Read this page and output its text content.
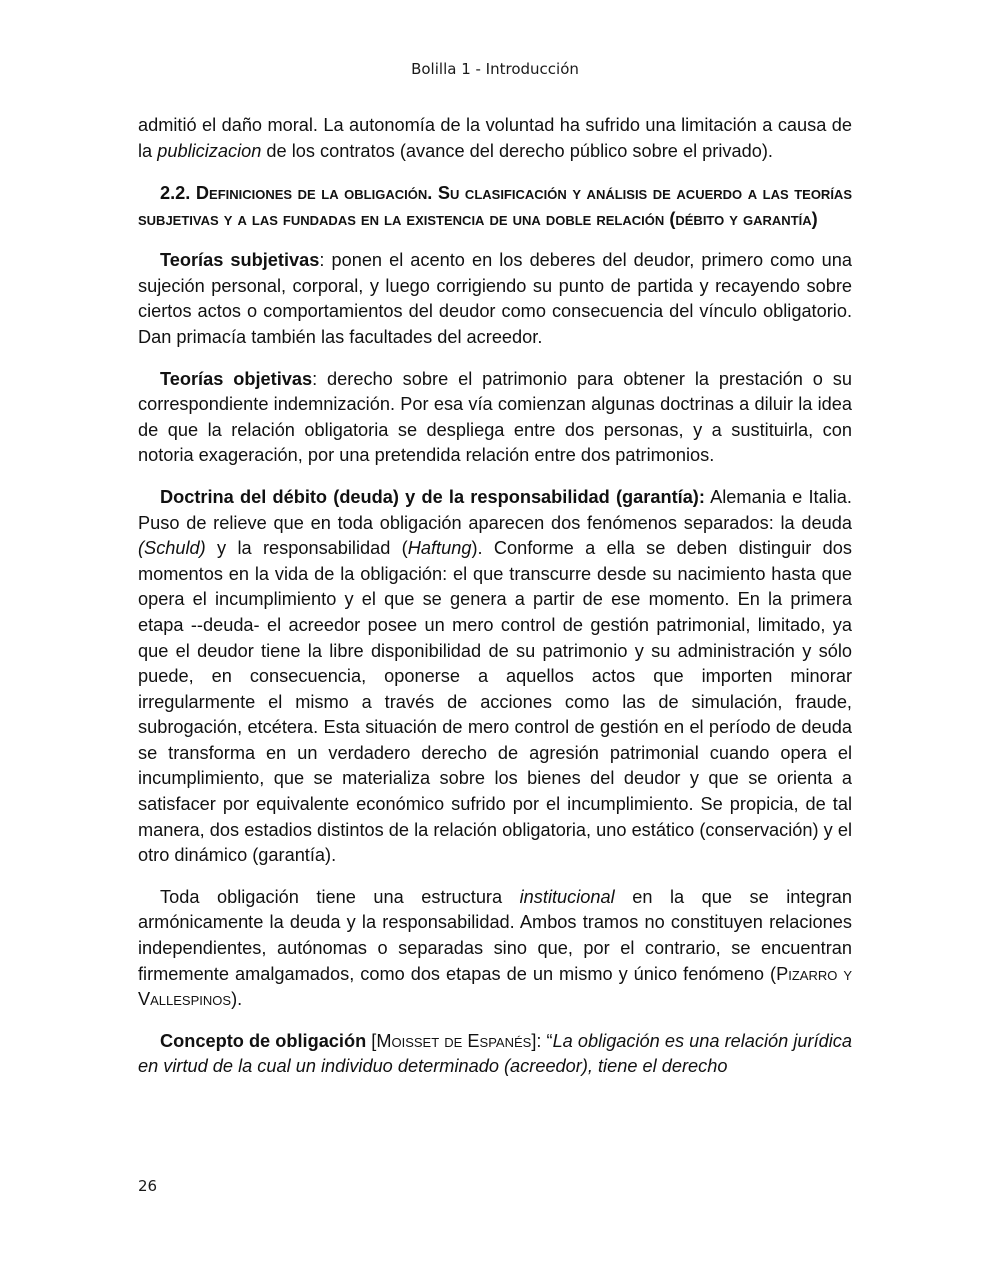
Bolilla 1 - Introducción

admitió el daño moral. La autonomía de la voluntad ha sufrido una limitación a causa de la publicizacion de los contratos (avance del derecho público sobre el privado).

2.2. Definiciones de la obligación. Su clasificación y análisis de acuerdo a las teorías subjetivas y a las fundadas en la existencia de una doble relación (débito y garantía)

Teorías subjetivas: ponen el acento en los deberes del deudor, primero como una sujeción personal, corporal, y luego corrigiendo su punto de partida y recayendo sobre ciertos actos o comportamientos del deudor como consecuencia del vínculo obligatorio. Dan primacía también las facultades del acreedor.

Teorías objetivas: derecho sobre el patrimonio para obtener la prestación o su correspondiente indemnización. Por esa vía comienzan algunas doctrinas a diluir la idea de que la relación obligatoria se despliega entre dos personas, y a sustituirla, con notoria exageración, por una pretendida relación entre dos patrimonios.

Doctrina del débito (deuda) y de la responsabilidad (garantía): Alemania e Italia. Puso de relieve que en toda obligación aparecen dos fenómenos separados: la deuda (Schuld) y la responsabilidad (Haftung). Conforme a ella se deben distinguir dos momentos en la vida de la obligación: el que transcurre desde su nacimiento hasta que opera el incumplimiento y el que se genera a partir de ese momento. En la primera etapa --deuda- el acreedor posee un mero control de gestión patrimonial, limitado, ya que el deudor tiene la libre disponibilidad de su patrimonio y su administración y sólo puede, en consecuencia, oponerse a aquellos actos que importen minorar irregularmente el mismo a través de acciones como las de simulación, fraude, subrogación, etcétera. Esta situación de mero control de gestión en el período de deuda se transforma en un verdadero derecho de agresión patrimonial cuando opera el incumplimiento, que se materializa sobre los bienes del deudor y que se orienta a satisfacer por equivalente económico sufrido por el incumplimiento. Se propicia, de tal manera, dos estadios distintos de la relación obligatoria, uno estático (conservación) y el otro dinámico (garantía).

Toda obligación tiene una estructura institucional en la que se integran armónicamente la deuda y la responsabilidad. Ambos tramos no constituyen relaciones independientes, autónomas o separadas sino que, por el contrario, se encuentran firmemente amalgamados, como dos etapas de un mismo y único fenómeno (Pizarro y Vallespinos).

Concepto de obligación [Moisset de Espanés]: “La obligación es una relación jurídica en virtud de la cual un individuo determinado (acreedor), tiene el derecho

26
